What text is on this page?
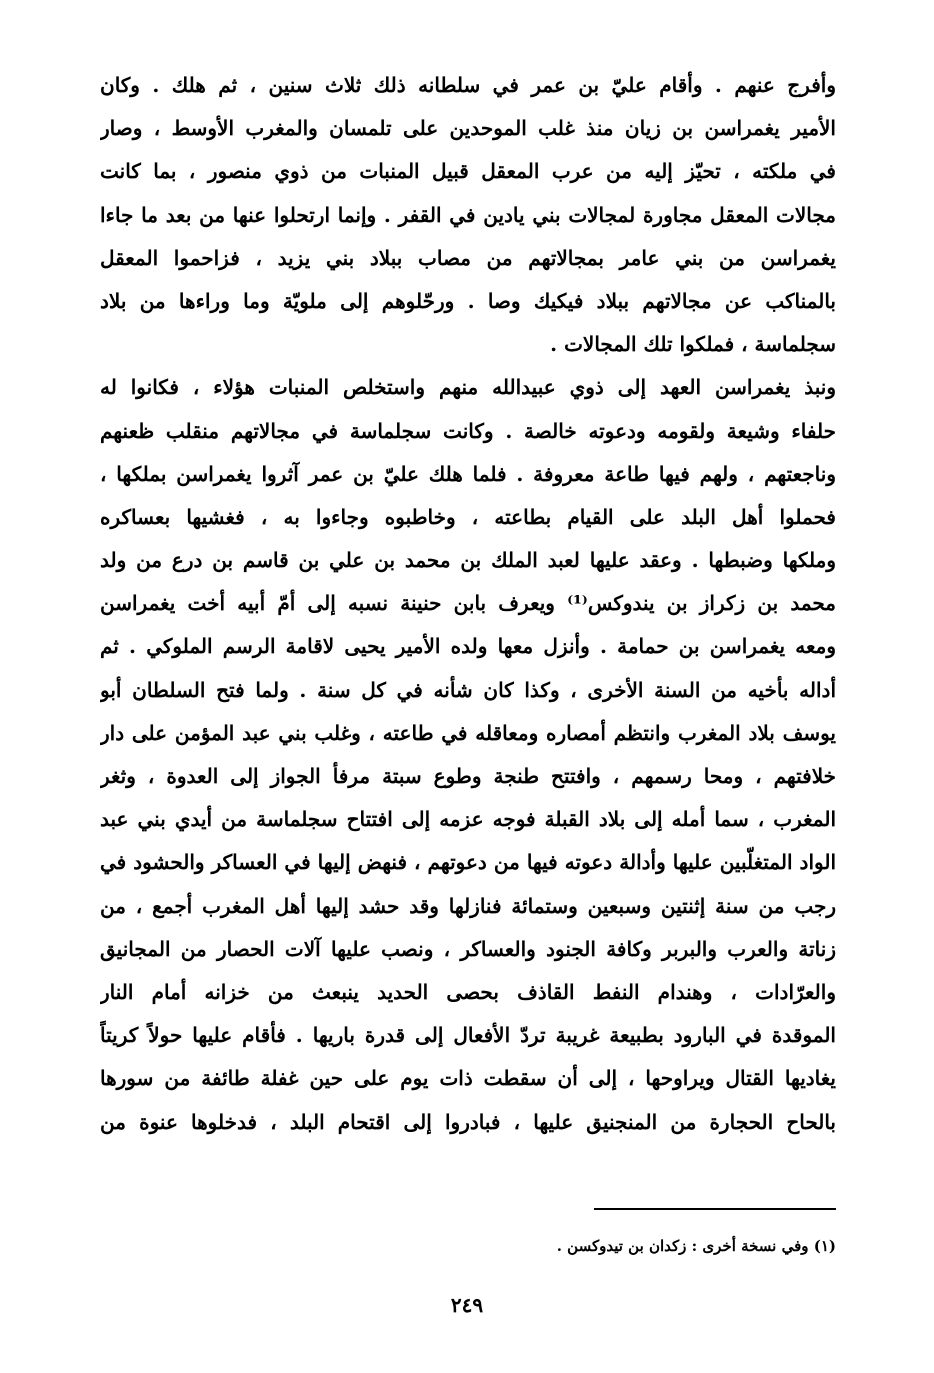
وأفرج عنهم . وأقام عليّ بن عمر في سلطانه ذلك ثلاث سنين ، ثم هلك . وكان
الأمير يغمراسن بن زيان منذ غلب الموحدين على تلمسان والمغرب الأوسط ، وصار
في ملكته ، تحيّز إليه من عرب المعقل قبيل المنبات من ذوي منصور ، بما كانت
مجالات المعقل مجاورة لمجالات بني يادين في القفر . وإنما ارتحلوا عنها من بعد ما جاءا
يغمراسن من بني عامر بمجالاتهم من مصاب ببلاد بني يزيد ، فزاحموا المعقل
بالمناكب عن مجالاتهم ببلاد فيكيك وصا . ورحّلوهم إلى ملويّة وما وراءها من بلاد
سجلماسة ، فملكوا تلك المجالات .
ونبذ يغمراسن العهد إلى ذوي عبيدالله منهم واستخلص المنبات هؤلاء ، فكانوا له
حلفاء وشيعة ولقومه ودعوته خالصة . وكانت سجلماسة في مجالاتهم منقلب ظعنهم
وناجعتهم ، ولهم فيها طاعة معروفة . فلما هلك عليّ بن عمر آثروا يغمراسن بملكها ،
فحملوا أهل البلد على القيام بطاعته ، وخاطبوه وجاءوا به ، فغشيها بعساكره
وملكها وضبطها . وعقد عليها لعبد الملك بن محمد بن علي بن قاسم بن درع من ولد
محمد بن زكراز بن يندوكس⁽¹⁾ ويعرف بابن حنينة نسبه إلى أمّ أبيه أخت يغمراسن
ومعه يغمراسن بن حمامة . وأنزل معها ولده الأمير يحيى لاقامة الرسم الملوكي . ثم
أداله بأخيه من السنة الأخرى ، وكذا كان شأنه في كل سنة . ولما فتح السلطان أبو
يوسف بلاد المغرب وانتظم أمصاره ومعاقله في طاعته ، وغلب بني عبد المؤمن على دار
خلافتهم ، ومحا رسمهم ، وافتتح طنجة وطوع سبتة مرفأ الجواز إلى العدوة ، وثغر
المغرب ، سما أمله إلى بلاد القبلة فوجه عزمه إلى افتتاح سجلماسة من أيدي بني عبد
الواد المتغلّبين عليها وأدالة دعوته فيها من دعوتهم ، فنهض إليها في العساكر والحشود في
رجب من سنة إثنتين وسبعين وستمائة فنازلها وقد حشد إليها أهل المغرب أجمع ، من
زناتة والعرب والبربر وكافة الجنود والعساكر ، ونصب عليها آلات الحصار من المجانيق
والعرّادات ، وهندام النفط القاذف بحصى الحديد ينبعث من خزانه أمام النار
الموقدة في البارود بطبيعة غريبة تردّ الأفعال إلى قدرة باريها . فأقام عليها حولاً كريتاً
يغاديها القتال ويراوحها ، إلى أن سقطت ذات يوم على حين غفلة طائفة من سورها
بالحاح الحجارة من المنجنيق عليها ، فبادروا إلى اقتحام البلد ، فدخلوها عنوة من
(١) وفي نسخة أخرى : زكدان بن تيدوكسن .
٢٤٩
